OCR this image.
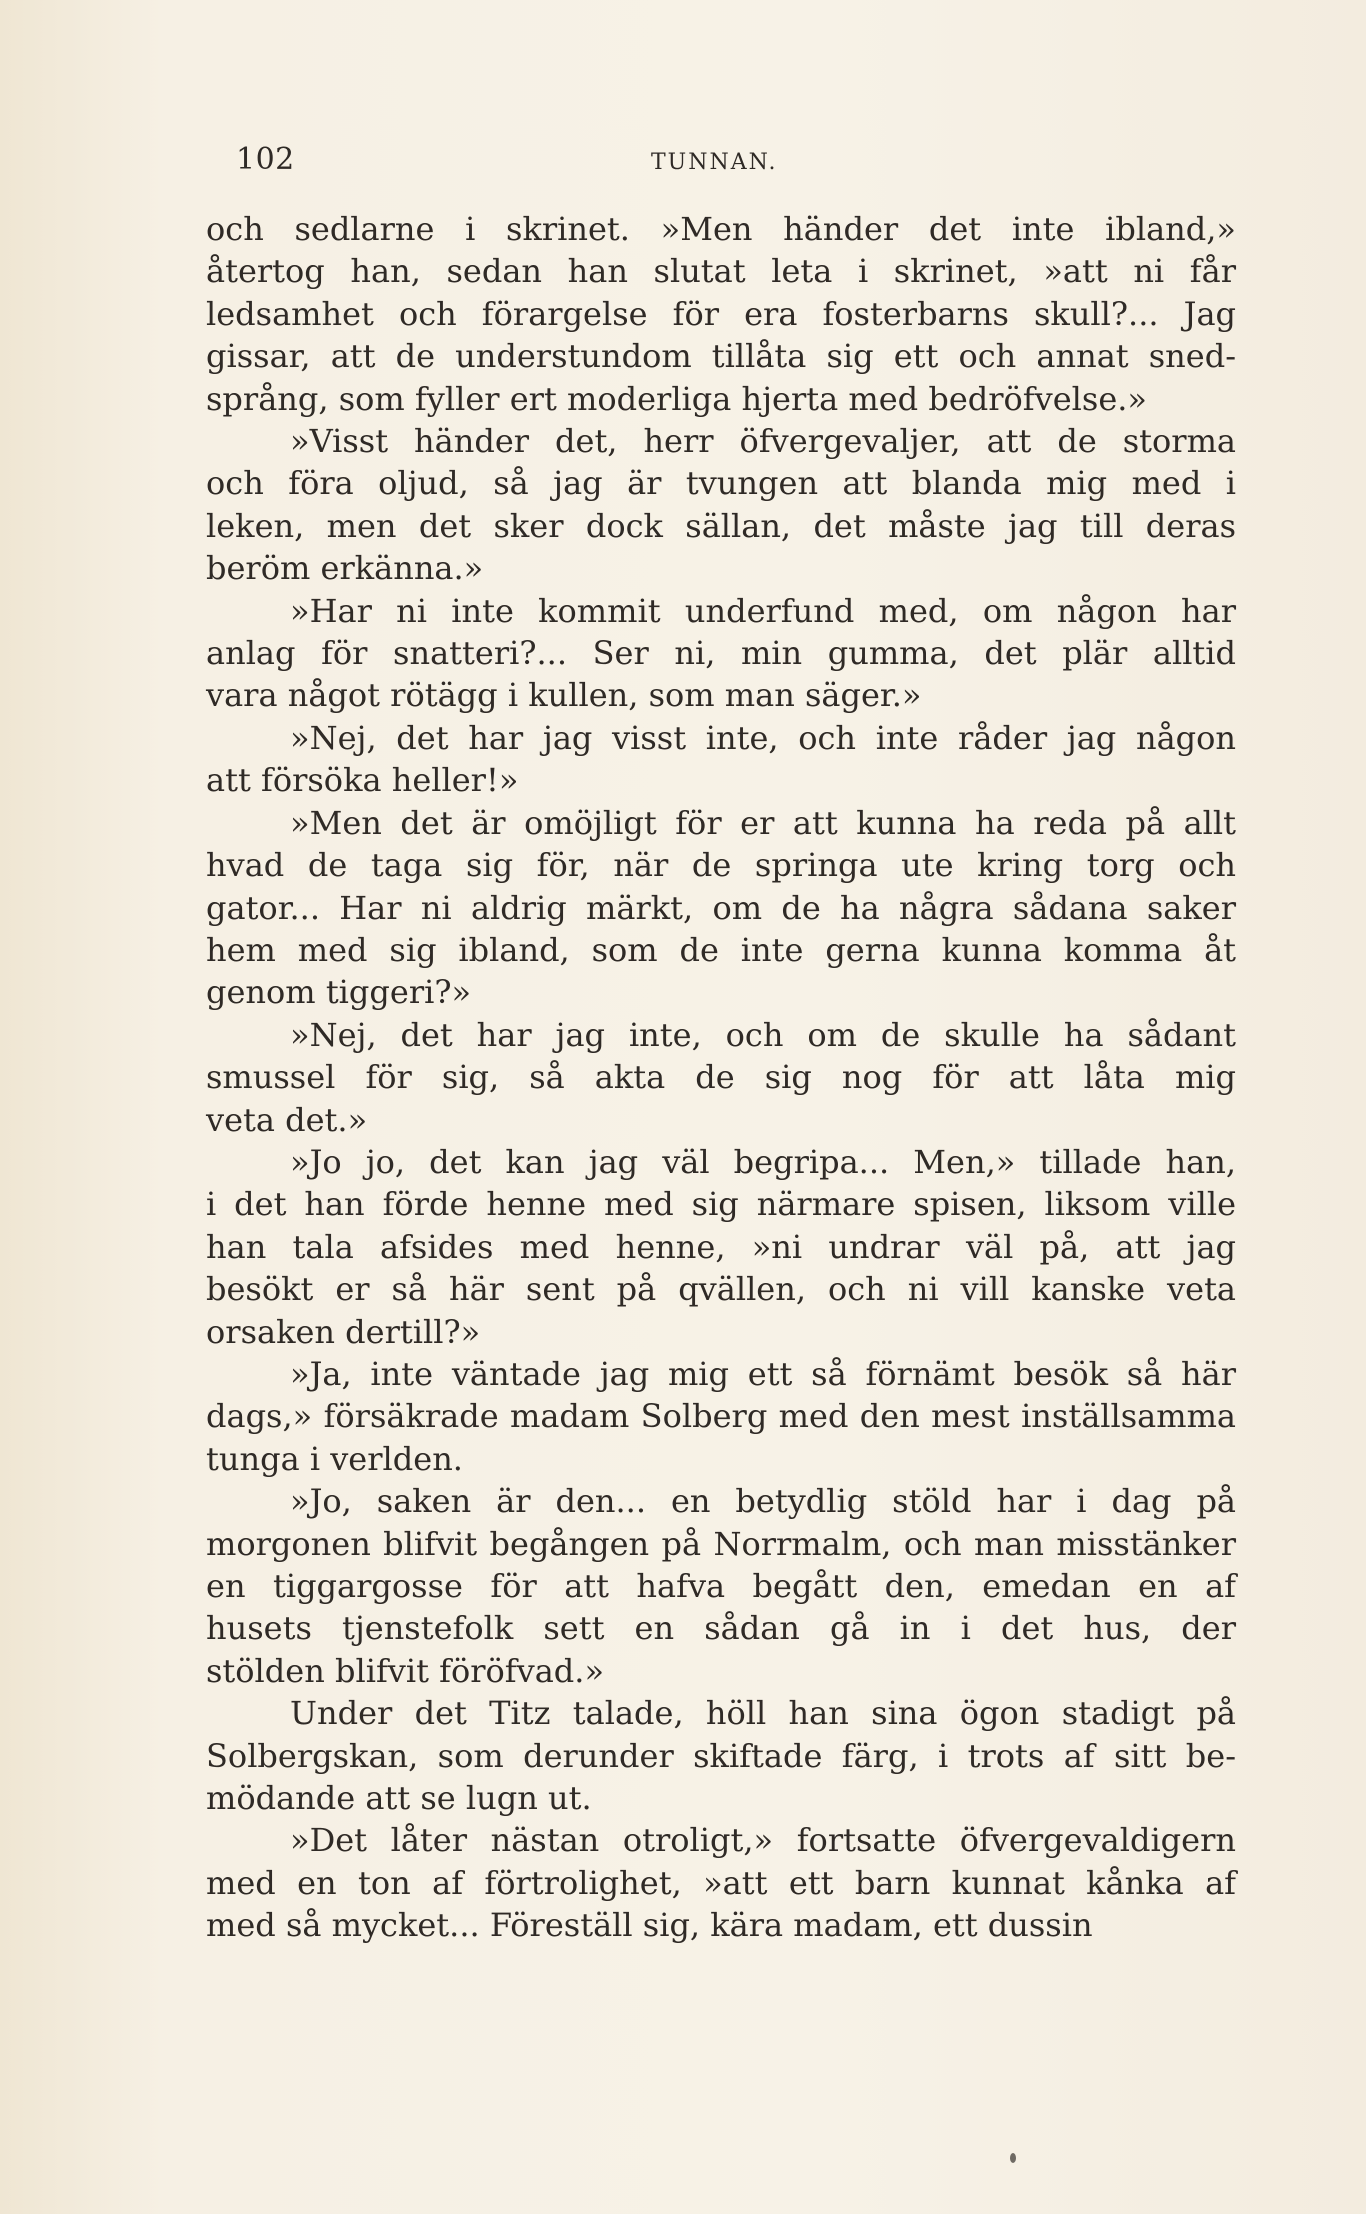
102	TUNNAN.
och sedlarne i skrinet. »Men händer det inte ibland,»
återtog han, sedan han slutat leta i skrinet, »att ni får
ledsamhet och förargelse för era fosterbarns skull?... Jag
gissar, att de understundom tillåta sig ett och annat sned-
språng, som fyller ert moderliga hjerta med bedröfvelse.»
»Visst händer det, herr öfvergevaljer, att de storma
och föra oljud, så jag är tvungen att blanda mig med i
leken, men det sker dock sällan, det måste jag till deras
beröm erkänna.»
»Har ni inte kommit underfund med, om någon har
anlag för snatteri?... Ser ni, min gumma, det plär alltid
vara något rötägg i kullen, som man säger.»
»Nej, det har jag visst inte, och inte råder jag någon
att försöka heller!»
»Men det är omöjligt för er att kunna ha reda på allt
hvad de taga sig för, när de springa ute kring torg och
gator... Har ni aldrig märkt, om de ha några sådana saker
hem med sig ibland, som de inte gerna kunna komma åt
genom tiggeri?»
»Nej, det har jag inte, och om de skulle ha sådant
smussel för sig, så akta de sig nog för att låta mig
veta det.»
»Jo jo, det kan jag väl begripa... Men,» tillade han,
i det han förde henne med sig närmare spisen, liksom ville
han tala afsides med henne, »ni undrar väl på, att jag
besökt er så här sent på qvällen, och ni vill kanske veta
orsaken dertill?»
»Ja, inte väntade jag mig ett så förnämt besök så här
dags,» försäkrade madam Solberg med den mest inställsamma
tunga i verlden.
»Jo, saken är den... en betydlig stöld har i dag på
morgonen blifvit begången på Norrmalm, och man misstänker
en tiggargosse för att hafva begått den, emedan en af
husets tjenstefolk sett en sådan gå in i det hus, der
stölden blifvit föröfvad.»
Under det Titz talade, höll han sina ögon stadigt på
Solbergskan, som derunder skiftade färg, i trots af sitt be-
mödande att se lugn ut.
»Det låter nästan otroligt,» fortsatte öfvergevaldigern
med en ton af förtrolighet, »att ett barn kunnat kånka af
med så mycket... Föreställ sig, kära madam, ett dussin
